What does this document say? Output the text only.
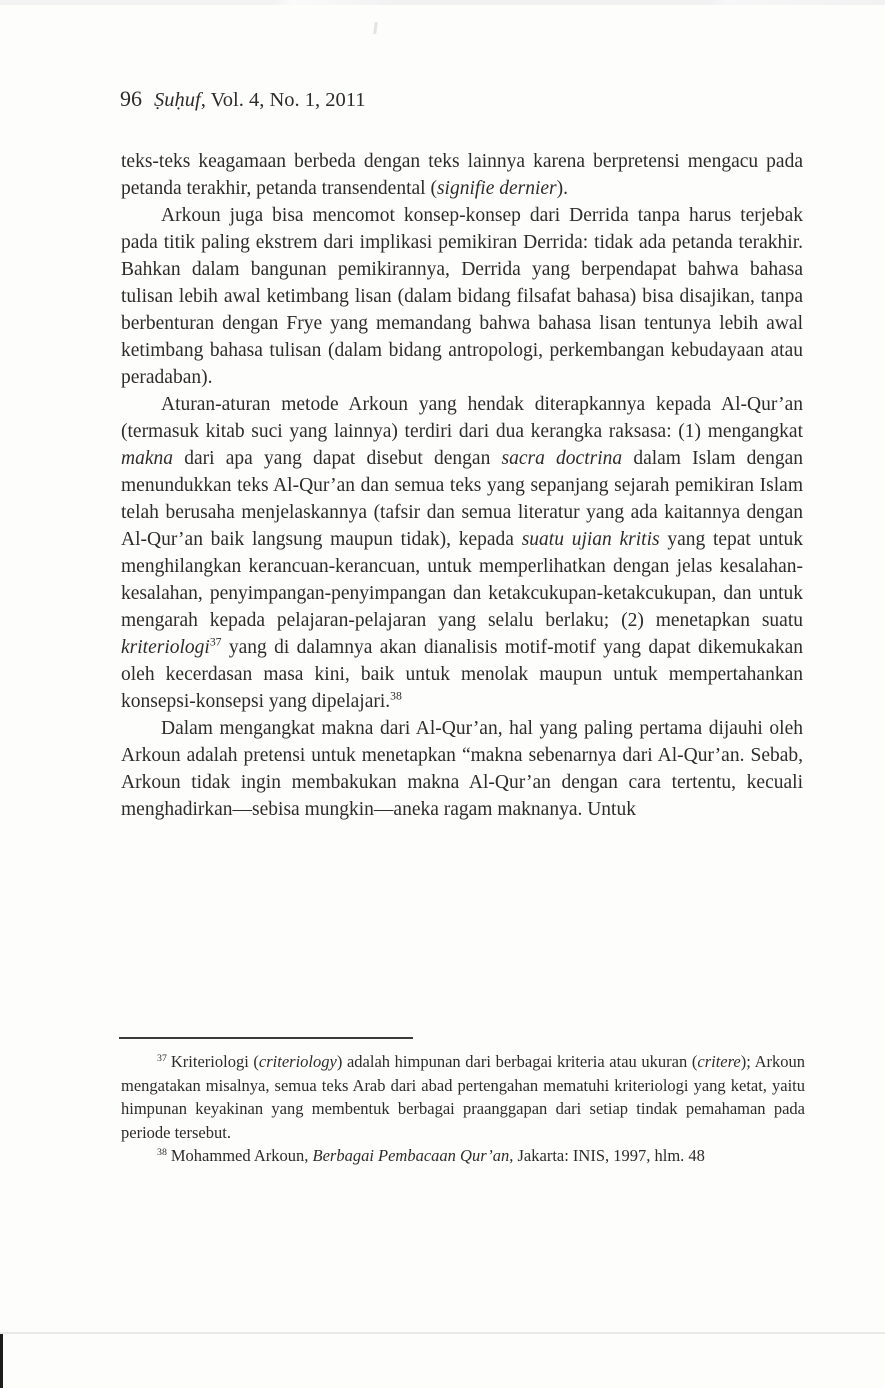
96 Ṣuḥuf, Vol. 4, No. 1, 2011

teks-teks keagamaan berbeda dengan teks lainnya karena berpretensi mengacu pada petanda terakhir, petanda transendental (signifie dernier).

Arkoun juga bisa mencomot konsep-konsep dari Derrida tanpa harus terjebak pada titik paling ekstrem dari implikasi pemikiran Derrida: tidak ada petanda terakhir. Bahkan dalam bangunan pemikirannya, Derrida yang berpendapat bahwa bahasa tulisan lebih awal ketimbang lisan (dalam bidang filsafat bahasa) bisa disajikan, tanpa berbenturan dengan Frye yang memandang bahwa bahasa lisan tentunya lebih awal ketimbang bahasa tulisan (dalam bidang antropologi, perkembangan kebudayaan atau peradaban).

Aturan-aturan metode Arkoun yang hendak diterapkannya kepada Al-Qur’an (termasuk kitab suci yang lainnya) terdiri dari dua kerangka raksasa: (1) mengangkat makna dari apa yang dapat disebut dengan sacra doctrina dalam Islam dengan menundukkan teks Al-Qur’an dan semua teks yang sepanjang sejarah pemikiran Islam telah berusaha menjelaskannya (tafsir dan semua literatur yang ada kaitannya dengan Al-Qur’an baik langsung maupun tidak), kepada suatu ujian kritis yang tepat untuk menghilangkan kerancuan-kerancuan, untuk memperlihatkan dengan jelas kesalahan-kesalahan, penyimpangan-penyimpangan dan ketakcukupan-ketakcukupan, dan untuk mengarah kepada pelajaran-pelajaran yang selalu berlaku; (2) menetapkan suatu kriteriologi$^{37}$ yang di dalamnya akan dianalisis motif-motif yang dapat dikemukakan oleh kecerdasan masa kini, baik untuk menolak maupun untuk mempertahankan konsepsi-konsepsi yang dipelajari.$^{38}$

Dalam mengangkat makna dari Al-Qur’an, hal yang paling pertama dijauhi oleh Arkoun adalah pretensi untuk menetapkan “makna sebenarnya dari Al-Qur’an. Sebab, Arkoun tidak ingin membakukan makna Al-Qur’an dengan cara tertentu, kecuali menghadirkan—sebisa mungkin—aneka ragam maknanya. Untuk

$^{37}$ Kriteriologi (criteriology) adalah himpunan dari berbagai kriteria atau ukuran (critere); Arkoun mengatakan misalnya, semua teks Arab dari abad pertengahan mematuhi kriteriologi yang ketat, yaitu himpunan keyakinan yang membentuk berbagai praanggapan dari setiap tindak pemahaman pada periode tersebut.

$^{38}$ Mohammed Arkoun, Berbagai Pembacaan Qur’an, Jakarta: INIS, 1997, hlm. 48
